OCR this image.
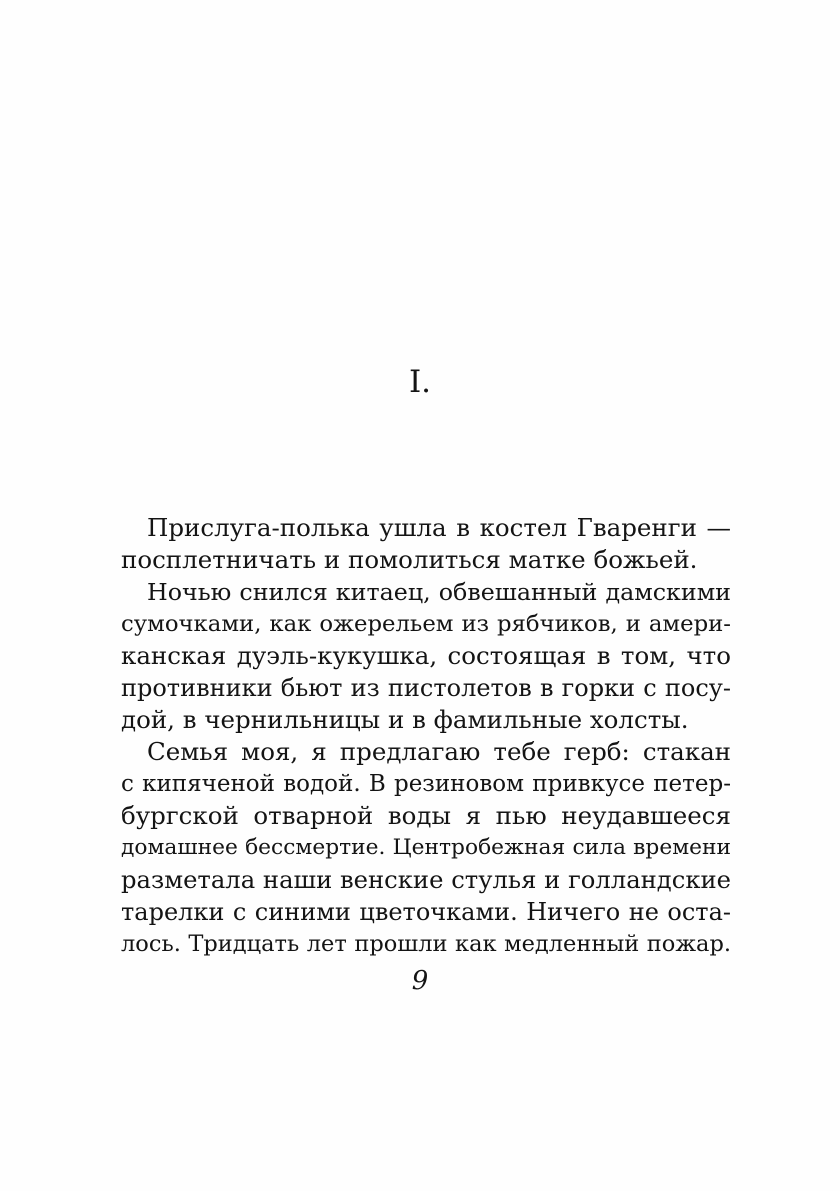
I.
Прислуга-полька ушла в костел Гваренги —
посплетничать и помолиться матке божьей.
Ночью снился китаец, обвешанный дамскими
сумочками, как ожерельем из рябчиков, и амери-
канская дуэль-кукушка, состоящая в том, что
противники бьют из пистолетов в горки с посу-
дой, в чернильницы и в фамильные холсты.
Семья моя, я предлагаю тебе герб: стакан
с кипяченой водой. В резиновом привкусе петер-
бургской отварной воды я пью неудавшееся
домашнее бессмертие. Центробежная сила времени
разметала наши венские стулья и голландские
тарелки с синими цветочками. Ничего не оста-
лось. Тридцать лет прошли как медленный пожар.
9
